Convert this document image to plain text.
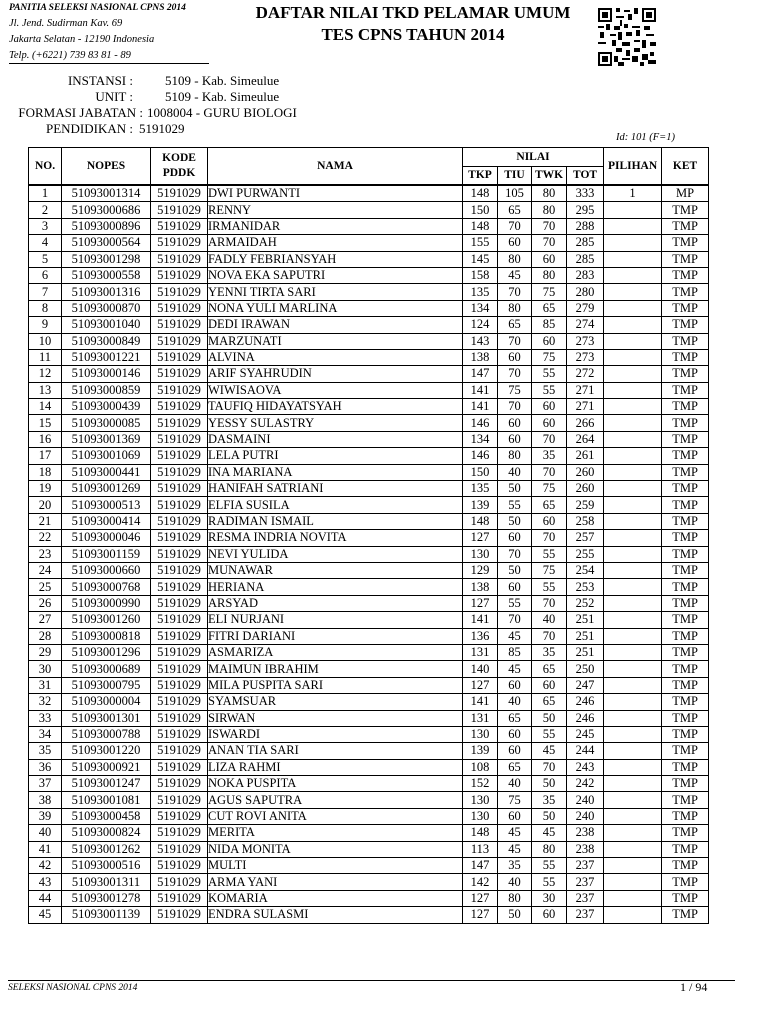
PANITIA SELEKSI NASIONAL CPNS 2014
Jl. Jend. Sudirman Kav. 69
Jakarta Selatan - 12190 Indonesia
Telp. (+6221) 739 83 81 - 89
DAFTAR NILAI TKD PELAMAR UMUM
TES CPNS TAHUN 2014
INSTANSI : 5109 - Kab. Simeulue
UNIT : 5109 - Kab. Simeulue
FORMASI JABATAN : 1008004 - GURU BIOLOGI
PENDIDIKAN : 5191029
Id: 101 (F=1)
NO.	NOPES	KODE
PDDK	NAMA	NILAI				PILIHAN	KET
				TKP	TIU	TWK	TOT		
1	51093001314	5191029	DWI PURWANTI	148	105	80	333	1	MP
2	51093000686	5191029	RENNY	150	65	80	295		TMP
3	51093000896	5191029	IRMANIDAR	148	70	70	288		TMP
4	51093000564	5191029	ARMAIDAH	155	60	70	285		TMP
5	51093001298	5191029	FADLY FEBRIANSYAH	145	80	60	285		TMP
6	51093000558	5191029	NOVA EKA SAPUTRI	158	45	80	283		TMP
7	51093001316	5191029	YENNI TIRTA SARI	135	70	75	280		TMP
8	51093000870	5191029	NONA YULI MARLINA	134	80	65	279		TMP
9	51093001040	5191029	DEDI IRAWAN	124	65	85	274		TMP
10	51093000849	5191029	MARZUNATI	143	70	60	273		TMP
11	51093001221	5191029	ALVINA	138	60	75	273		TMP
12	51093000146	5191029	ARIF SYAHRUDIN	147	70	55	272		TMP
13	51093000859	5191029	WIWISAOVA	141	75	55	271		TMP
14	51093000439	5191029	TAUFIQ HIDAYATSYAH	141	70	60	271		TMP
15	51093000085	5191029	YESSY SULASTRY	146	60	60	266		TMP
16	51093001369	5191029	DASMAINI	134	60	70	264		TMP
17	51093001069	5191029	LELA PUTRI	146	80	35	261		TMP
18	51093000441	5191029	INA MARIANA	150	40	70	260		TMP
19	51093001269	5191029	HANIFAH SATRIANI	135	50	75	260		TMP
20	51093000513	5191029	ELFIA SUSILA	139	55	65	259		TMP
21	51093000414	5191029	RADIMAN ISMAIL	148	50	60	258		TMP
22	51093000046	5191029	RESMA INDRIA NOVITA	127	60	70	257		TMP
23	51093001159	5191029	NEVI YULIDA	130	70	55	255		TMP
24	51093000660	5191029	MUNAWAR	129	50	75	254		TMP
25	51093000768	5191029	HERIANA	138	60	55	253		TMP
26	51093000990	5191029	ARSYAD	127	55	70	252		TMP
27	51093001260	5191029	ELI NURJANI	141	70	40	251		TMP
28	51093000818	5191029	FITRI DARIANI	136	45	70	251		TMP
29	51093001296	5191029	ASMARIZA	131	85	35	251		TMP
30	51093000689	5191029	MAIMUN IBRAHIM	140	45	65	250		TMP
31	51093000795	5191029	MILA PUSPITA SARI	127	60	60	247		TMP
32	51093000004	5191029	SYAMSUAR	141	40	65	246		TMP
33	51093001301	5191029	SIRWAN	131	65	50	246		TMP
34	51093000788	5191029	ISWARDI	130	60	55	245		TMP
35	51093001220	5191029	ANAN TIA SARI	139	60	45	244		TMP
36	51093000921	5191029	LIZA RAHMI	108	65	70	243		TMP
37	51093001247	5191029	NOKA PUSPITA	152	40	50	242		TMP
38	51093001081	5191029	AGUS SAPUTRA	130	75	35	240		TMP
39	51093000458	5191029	CUT ROVI ANITA	130	60	50	240		TMP
40	51093000824	5191029	MERITA	148	45	45	238		TMP
41	51093001262	5191029	NIDA MONITA	113	45	80	238		TMP
42	51093000516	5191029	MULTI	147	35	55	237		TMP
43	51093001311	5191029	ARMA YANI	142	40	55	237		TMP
44	51093001278	5191029	KOMARIA	127	80	30	237		TMP
45	51093001139	5191029	ENDRA SULASMI	127	50	60	237		TMP
SELEKSI NASIONAL CPNS 2014	1 / 94
